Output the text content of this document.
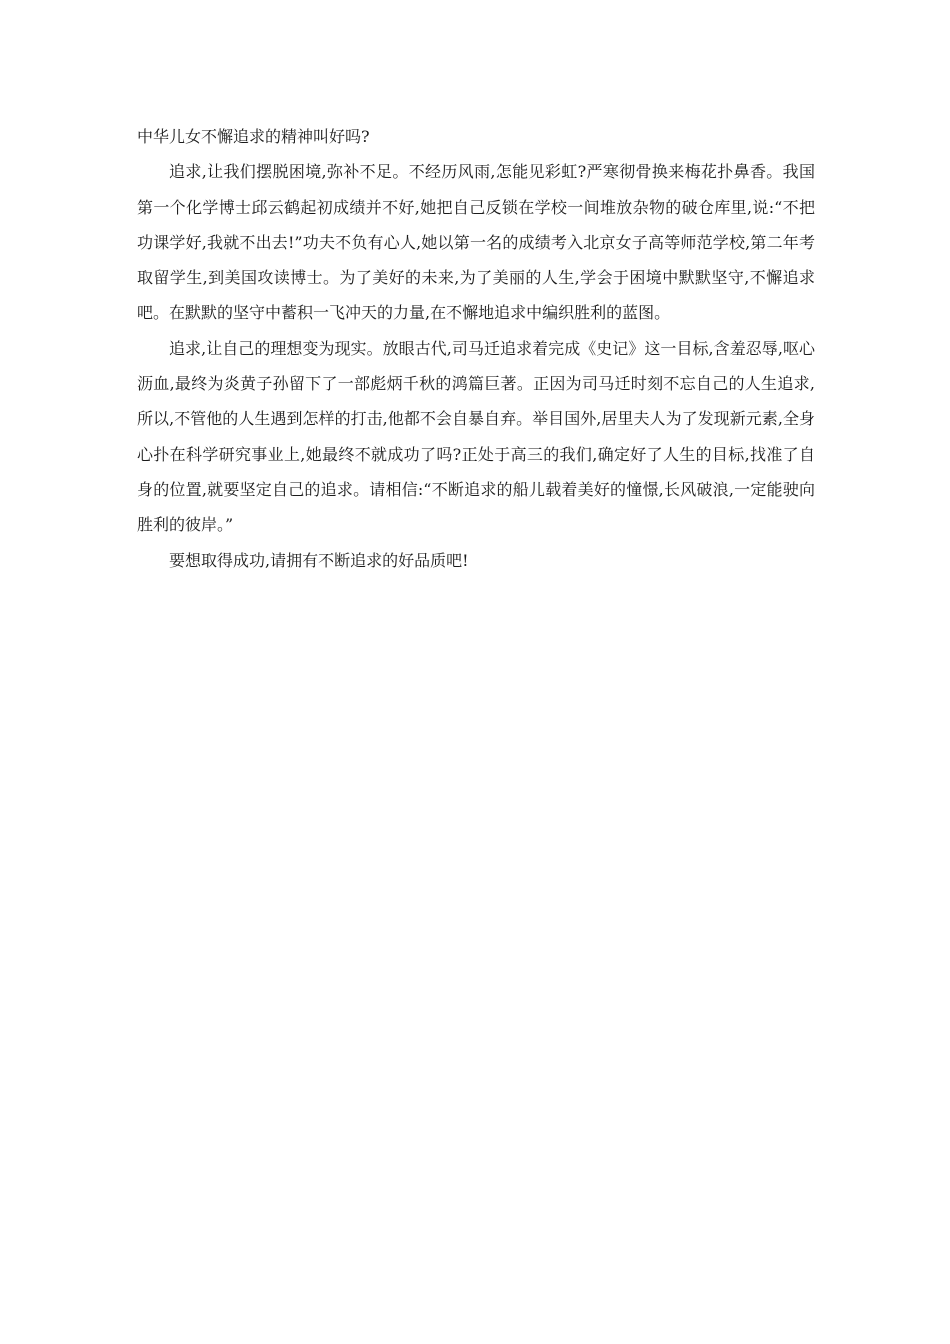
中华儿女不懈追求的精神叫好吗?

追求,让我们摆脱困境,弥补不足。不经历风雨,怎能见彩虹?严寒彻骨换来梅花扑鼻香。我国第一个化学博士邱云鹤起初成绩并不好,她把自己反锁在学校一间堆放杂物的破仓库里,说:“不把功课学好,我就不出去!”功夫不负有心人,她以第一名的成绩考入北京女子高等师范学校,第二年考取留学生,到美国攻读博士。为了美好的未来,为了美丽的人生,学会于困境中默默坚守,不懈追求吧。在默默的坚守中蓄积一飞冲天的力量,在不懈地追求中编织胜利的蓝图。

追求,让自己的理想变为现实。放眼古代,司马迁追求着完成《史记》这一目标,含羞忍辱,呕心沥血,最终为炎黄子孙留下了一部彪炳千秋的鸿篇巨著。正因为司马迁时刻不忘自己的人生追求,所以,不管他的人生遇到怎样的打击,他都不会自暴自弃。举目国外,居里夫人为了发现新元素,全身心扑在科学研究事业上,她最终不就成功了吗?正处于高三的我们,确定好了人生的目标,找准了自身的位置,就要坚定自己的追求。请相信:“不断追求的船儿载着美好的憧憬,长风破浪,一定能驶向胜利的彼岸。”

要想取得成功,请拥有不断追求的好品质吧!
